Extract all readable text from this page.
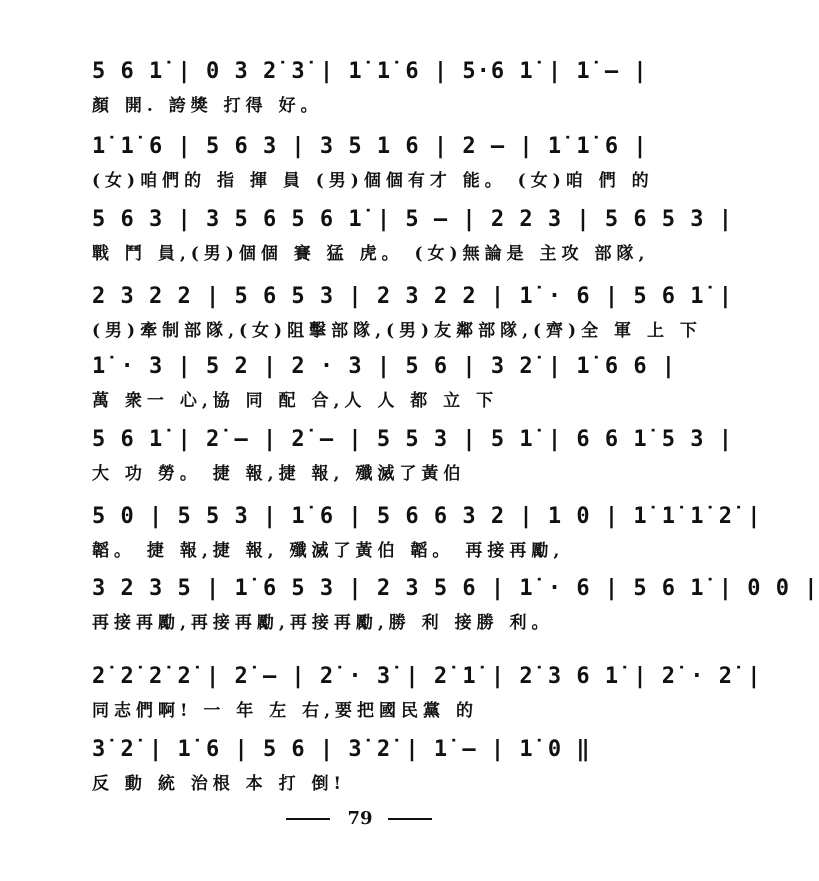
5 6 1̇ | 0 3 2̇ 3̇ | 1̇ 1̇ 6 | 5·6 1̇ | 1̇ — |
顏 開. 誇獎 打得 好。
1̇ 1̇ 6 | 5 6 3 | 3 5 1 6 | 2 — | 1̇ 1̇ 6 |
(女)咱們的 指 揮 員 (男)個個有才 能。 (女)咱 們 的
5 6 3 | 3 5 6 5 6 1̇ | 5 — | 2 2 3 | 5 6 5 3 |
戰 鬥 員,(男)個個 賽 猛 虎。 (女)無論是 主攻 部隊,
2 3 2 2 | 5 6 5 3 | 2 3 2 2 | 1̇ · 6 | 5 6 1̇ |
(男)牽制部隊,(女)阻擊部隊,(男)友鄰部隊,(齊)全 軍 上 下
1̇ · 3 | 5 2 | 2 · 3 | 5 6 | 3 2̇ | 1̇ 6 6 |
萬 衆一 心,協 同 配 合,人 人 都 立 下
5 6 1̇ | 2̇ — | 2̇ — | 5 5 3 | 5 1̇ | 6 6 1̇ 5 3 |
大 功 勞。 捷 報,捷 報, 殲滅了黃伯
5 0 | 5 5 3 | 1̇ 6 | 5 6 6 3 2 | 1 0 | 1̇ 1̇ 1̇ 2̇ |
韜。 捷 報,捷 報, 殲滅了黃伯 韜。 再接再勵,
3 2 3 5 | 1̇ 6 5 3 | 2 3 5 6 | 1̇ · 6 | 5 6 1̇ | 0 0 |
再接再勵,再接再勵,再接再勵,勝 利 接勝 利。
2̇ 2̇ 2̇ 2̇ | 2̇ — | 2̇ · 3̇ | 2̇ 1̇ | 2̇ 3 6 1̇ | 2̇ · 2̇ |
同志們啊! 一 年 左 右,要把國民黨 的
3̇ 2̇ | 1̇ 6 | 5 6 | 3̇ 2̇ | 1̇ — | 1̇ 0 ‖
反 動 統 治根 本 打 倒!
79
